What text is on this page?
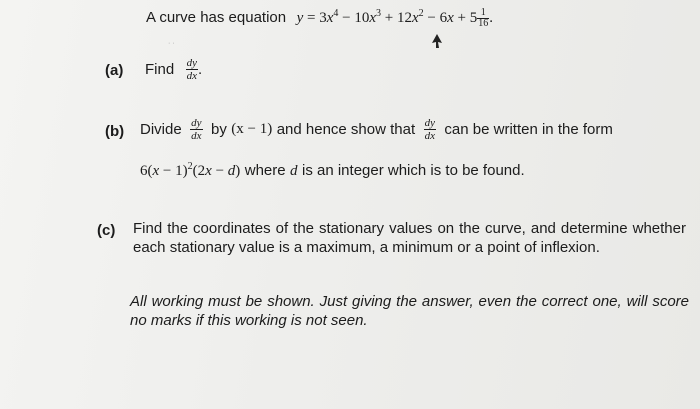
A curve has equation $y = 3x^4 - 10x^3 + 12x^2 - 6x + 5 \frac{1}{16}$ .
· ·
(a) Find $\frac{dy}{dx}$ .
(b) Divide $\frac{dy}{dx}$ by (x − 1) and hence show that $\frac{dy}{dx}$ can be written in the form
$6(x - 1)^2(2x - d)$ where d is an integer which is to be found.
(c) Find the coordinates of the stationary values on the curve, and determine whether each stationary value is a maximum, a minimum or a point of inflexion.
All working must be shown. Just giving the answer, even the correct one, will score no marks if this working is not seen.
